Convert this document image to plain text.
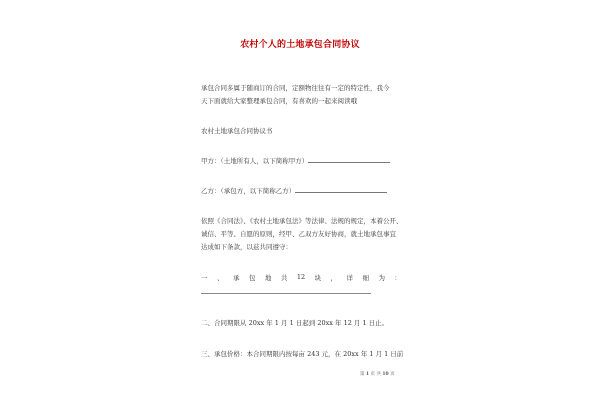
农村个人的土地承包合同协议
承包合同多属于随商订的合同，定额物往往有一定的特定性，我今
天下面就给大家整理承包合同，有喜欢的一起来阅读哦
农村土地承包合同协议书
甲方：（土地所有人，以下简称甲方）
乙方：（承包方，以下简称乙方）
依照《合同法》、《农村土地承包法》等法律、法规的规定，本着公开、
诚信、平等、自愿的原则，经甲、乙双方友好协商，就土地承包事宜
达成如下条款，以兹共同遵守：
一 、 承 包 地 共 12 块 ， 详 细 为 ：
二、合同期限从 20xx 年 1 月 1 日起到 20xx 年 12 月 1 日止。
三、承包价格：本合同期限内按每亩 243 元，在 20xx 年 1 月 1 日前
第 1 页 共 10 页
